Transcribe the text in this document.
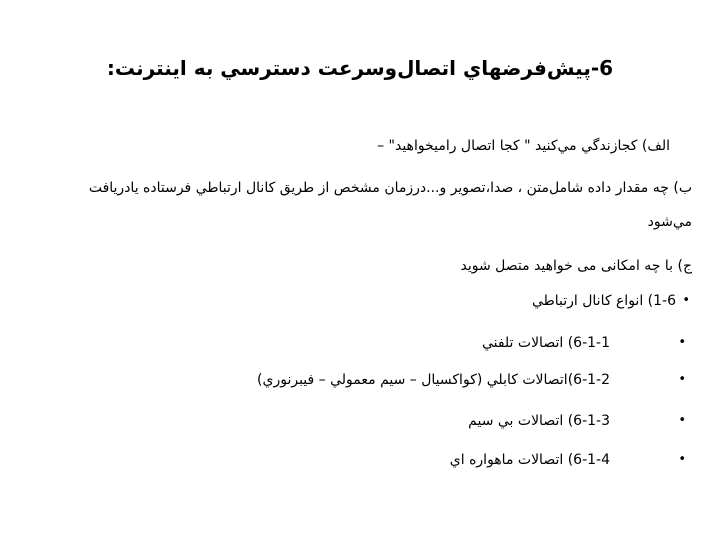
6-پيش‌فرضهاي اتصال‌وسرعت دسترسي به اينترنت:
الف) كجازندگي مي‌كنيد " كجا اتصال راميخواهيد" –
ب) چه مقدار داده شامل‌متن ، صدا،تصوير و...درزمان مشخص از طريق كانال ارتباطي فرستاده يادريافت
مي‌شود
ج) با چه امکانی می خواهید متصل شوید
•
1-6) انواع كانال ارتباطي
•
6-1-1) اتصالات تلفني
•
6-1-2)اتصالات كابلي (كواكسيال – سيم معمولي – فيبرنوري)
•
6-1-3) اتصالات بي سيم
•
6-1-4) اتصالات ماهواره اي
